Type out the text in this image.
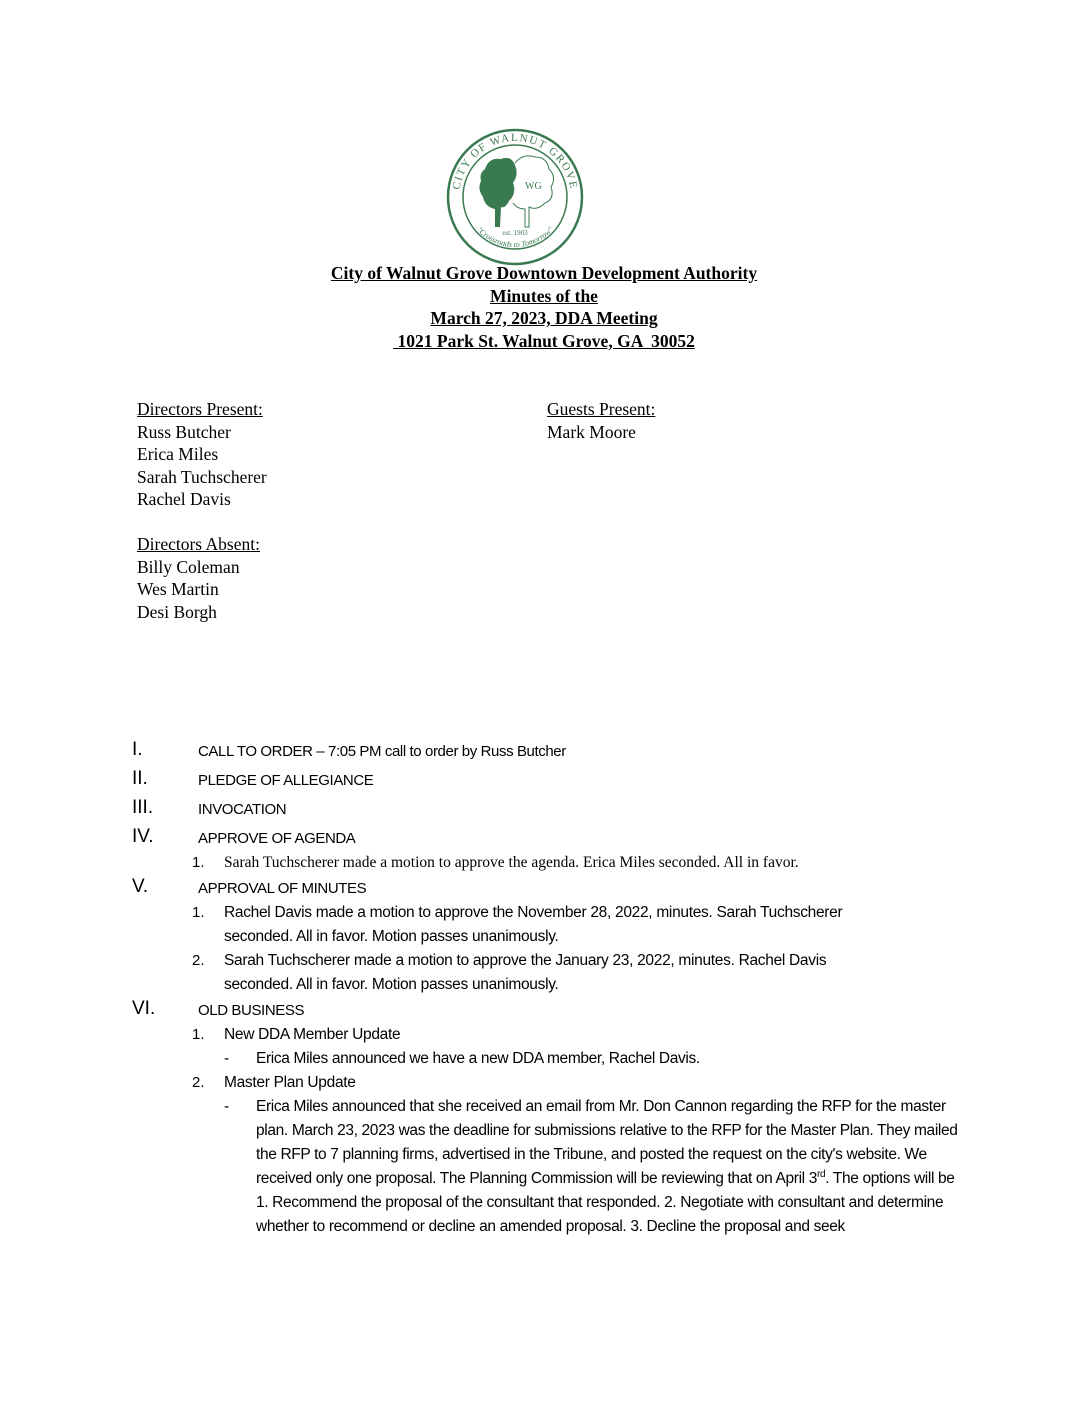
CITY OF WALNUT GROVE
"Crossroads to Tomorrow"
WG
est. 1903
City of Walnut Grove Downtown Development Authority
Minutes of the
March 27, 2023, DDA Meeting
1021 Park St. Walnut Grove, GA  30052
Directors Present:
Russ Butcher
Erica Miles
Sarah Tuchscherer
Rachel Davis
Directors Absent:
Billy Coleman
Wes Martin
Desi Borgh
Guests Present:
Mark Moore
I.	CALL TO ORDER – 7:05 PM call to order by Russ Butcher
II.	PLEDGE OF ALLEGIANCE
III.	INVOCATION
IV.	APPROVE OF AGENDA
1. Sarah Tuchscherer made a motion to approve the agenda. Erica Miles seconded. All in favor.
V.	APPROVAL OF MINUTES
1. Rachel Davis made a motion to approve the November 28, 2022, minutes. Sarah Tuchscherer
seconded. All in favor. Motion passes unanimously.
2. Sarah Tuchscherer made a motion to approve the January 23, 2022, minutes. Rachel Davis
seconded. All in favor. Motion passes unanimously.
VI.	OLD BUSINESS
1. New DDA Member Update
- Erica Miles announced we have a new DDA member, Rachel Davis.
2. Master Plan Update
- Erica Miles announced that she received an email from Mr. Don Cannon regarding the RFP for the master plan. March 23, 2023 was the deadline for submissions relative to the RFP for the Master Plan. They mailed the RFP to 7 planning firms, advertised in the Tribune, and posted the request on the city's website. We received only one proposal. The Planning Commission will be reviewing that on April 3rd. The options will be 1. Recommend the proposal of the consultant that responded. 2. Negotiate with consultant and determine whether to recommend or decline an amended proposal. 3. Decline the proposal and seek
